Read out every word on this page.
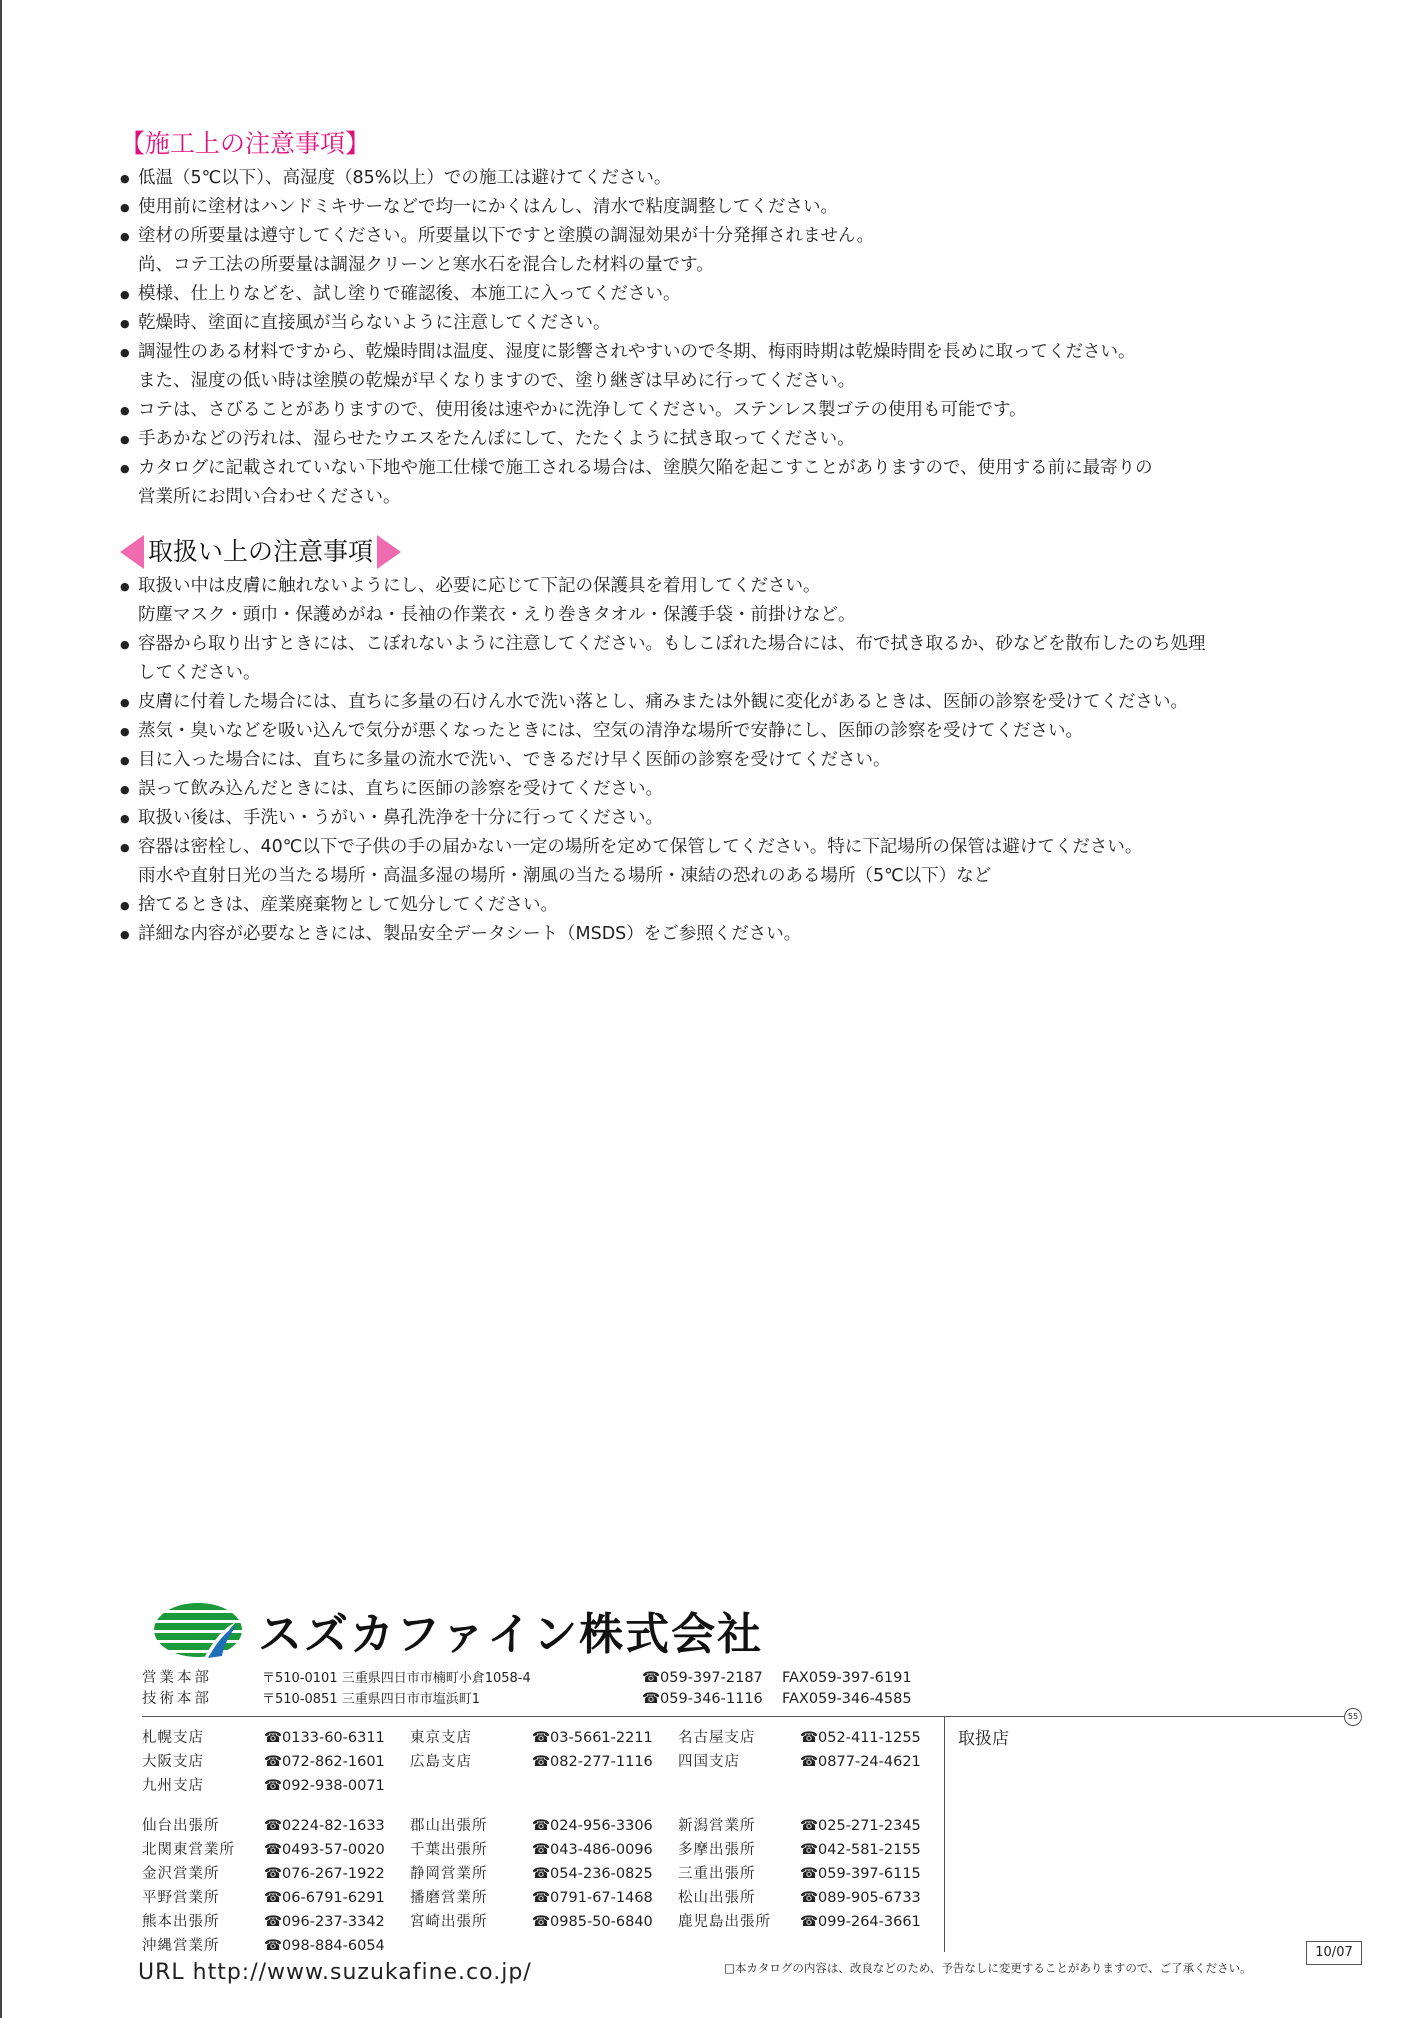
【施工上の注意事項】
● 低温（5℃以下）、高湿度（85%以上）での施工は避けてください。
● 使用前に塗材はハンドミキサーなどで均一にかくはんし、清水で粘度調整してください。
● 塗材の所要量は遵守してください。所要量以下ですと塗膜の調湿効果が十分発揮されません。
尚、コテ工法の所要量は調湿クリーンと寒水石を混合した材料の量です。
● 模様、仕上りなどを、試し塗りで確認後、本施工に入ってください。
● 乾燥時、塗面に直接風が当らないように注意してください。
● 調湿性のある材料ですから、乾燥時間は温度、湿度に影響されやすいので冬期、梅雨時期は乾燥時間を長めに取ってください。
また、湿度の低い時は塗膜の乾燥が早くなりますので、塗り継ぎは早めに行ってください。
● コテは、さびることがありますので、使用後は速やかに洗浄してください。ステンレス製ゴテの使用も可能です。
● 手あかなどの汚れは、湿らせたウエスをたんぽにして、たたくように拭き取ってください。
● カタログに記載されていない下地や施工仕様で施工される場合は、塗膜欠陥を起こすことがありますので、使用する前に最寄りの
営業所にお問い合わせください。
取扱い上の注意事項
● 取扱い中は皮膚に触れないようにし、必要に応じて下記の保護具を着用してください。
防塵マスク・頭巾・保護めがね・長袖の作業衣・えり巻きタオル・保護手袋・前掛けなど。
● 容器から取り出すときには、こぼれないように注意してください。もしこぼれた場合には、布で拭き取るか、砂などを散布したのち処理
してください。
● 皮膚に付着した場合には、直ちに多量の石けん水で洗い落とし、痛みまたは外観に変化があるときは、医師の診察を受けてください。
● 蒸気・臭いなどを吸い込んで気分が悪くなったときには、空気の清浄な場所で安静にし、医師の診察を受けてください。
● 目に入った場合には、直ちに多量の流水で洗い、できるだけ早く医師の診察を受けてください。
● 誤って飲み込んだときには、直ちに医師の診察を受けてください。
● 取扱い後は、手洗い・うがい・鼻孔洗浄を十分に行ってください。
● 容器は密栓し、40℃以下で子供の手の届かない一定の場所を定めて保管してください。特に下記場所の保管は避けてください。
雨水や直射日光の当たる場所・高温多湿の場所・潮風の当たる場所・凍結の恐れのある場所（5℃以下）など
● 捨てるときは、産業廃棄物として処分してください。
● 詳細な内容が必要なときには、製品安全データシート（MSDS）をご参照ください。
スズカファイン株式会社
営業本部	〒510-0101 三重県四日市市楠町小倉1058-4	☎059-397-2187	FAX059-397-6191
技術本部	〒510-0851 三重県四日市市塩浜町1	☎059-346-1116	FAX059-346-4585
55
取扱店
札幌支店	☎0133-60-6311	東京支店	☎03-5661-2211	名古屋支店	☎052-411-1255
大阪支店	☎072-862-1601	広島支店	☎082-277-1116	四国支店	☎0877-24-4621
九州支店	☎092-938-0071
仙台出張所	☎0224-82-1633	郡山出張所	☎024-956-3306	新潟営業所	☎025-271-2345
北関東営業所	☎0493-57-0020	千葉出張所	☎043-486-0096	多摩出張所	☎042-581-2155
金沢営業所	☎076-267-1922	静岡営業所	☎054-236-0825	三重出張所	☎059-397-6115
平野営業所	☎06-6791-6291	播磨営業所	☎0791-67-1468	松山出張所	☎089-905-6733
熊本出張所	☎096-237-3342	宮崎出張所	☎0985-50-6840	鹿児島出張所	☎099-264-3661
沖縄営業所	☎098-884-6054
URL http://www.suzukafine.co.jp/	□本カタログの内容は、改良などのため、予告なしに変更することがありますので、ご了承ください。
10/07
